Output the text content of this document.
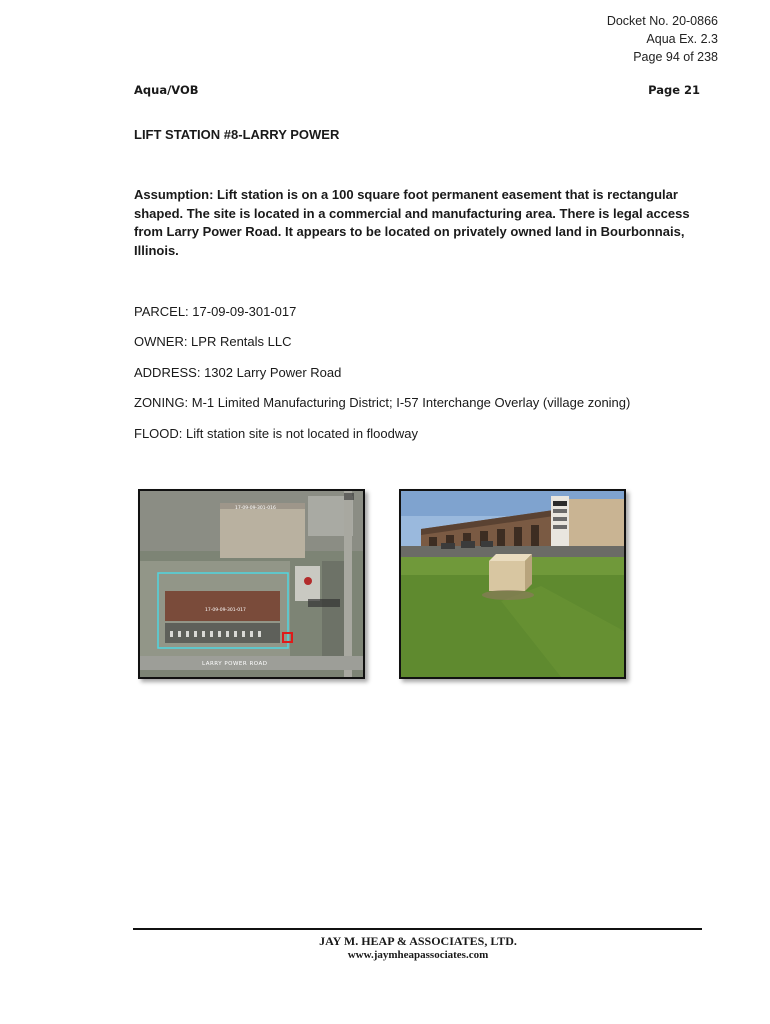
Docket No. 20-0866
Aqua Ex. 2.3
Page 94 of 238
Aqua/VOB	Page 21
LIFT STATION #8-LARRY POWER
Assumption: Lift station is on a 100 square foot permanent easement that is rectangular shaped. The site is located in a commercial and manufacturing area. There is legal access from Larry Power Road. It appears to be located on privately owned land in Bourbonnais, Illinois.
PARCEL: 17-09-09-301-017
OWNER: LPR Rentals LLC
ADDRESS: 1302 Larry Power Road
ZONING: M-1 Limited Manufacturing District; I-57 Interchange Overlay (village zoning)
FLOOD: Lift station site is not located in floodway
17-09-09-301-016
17-09-09-301-017
LARRY POWER ROAD
JAY M. HEAP & ASSOCIATES, LTD.
www.jaymheapassociates.com
